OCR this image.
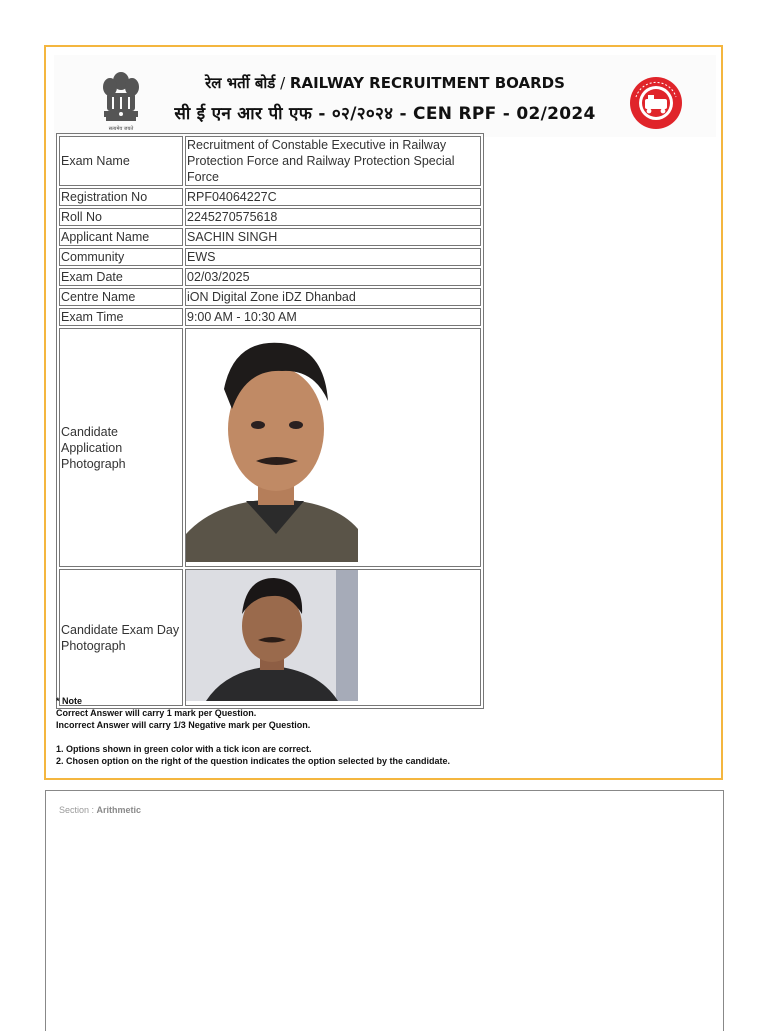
सत्यमेव जयते
रेल भर्ती बोर्ड / RAILWAY RECRUITMENT BOARDS
सी ई एन आर पी एफ - ०२/२०२४ - CEN RPF - 02/2024
Exam Name	Recruitment of Constable Executive in Railway Protection Force and Railway Protection Special Force
Registration No	RPF04064227C
Roll No	2245270575618
Applicant Name	SACHIN SINGH
Community	EWS
Exam Date	02/03/2025
Centre Name	iON Digital Zone iDZ Dhanbad
Exam Time	9:00 AM - 10:30 AM
Candidate Application Photograph	
Candidate Exam Day Photograph	

* Note

Correct Answer will carry 1 mark per Question.

Incorrect Answer will carry 1/3 Negative mark per Question.

1. Options shown in green color with a tick icon are correct.

2. Chosen option on the right of the question indicates the option selected by the candidate.

Section : Arithmetic
